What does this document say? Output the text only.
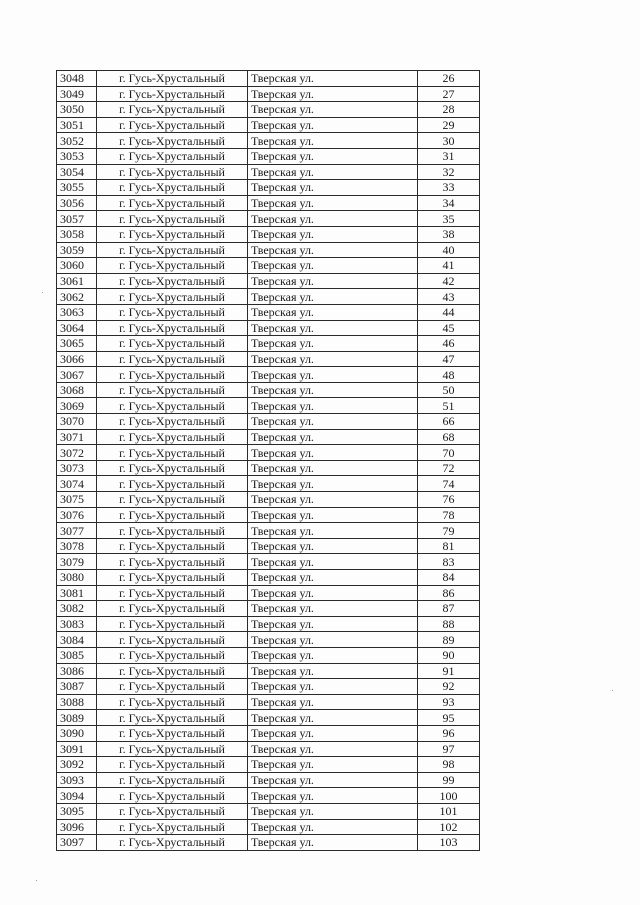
3048	г. Гусь-Хрустальный	Тверская ул.	26
3049	г. Гусь-Хрустальный	Тверская ул.	27
3050	г. Гусь-Хрустальный	Тверская ул.	28
3051	г. Гусь-Хрустальный	Тверская ул.	29
3052	г. Гусь-Хрустальный	Тверская ул.	30
3053	г. Гусь-Хрустальный	Тверская ул.	31
3054	г. Гусь-Хрустальный	Тверская ул.	32
3055	г. Гусь-Хрустальный	Тверская ул.	33
3056	г. Гусь-Хрустальный	Тверская ул.	34
3057	г. Гусь-Хрустальный	Тверская ул.	35
3058	г. Гусь-Хрустальный	Тверская ул.	38
3059	г. Гусь-Хрустальный	Тверская ул.	40
3060	г. Гусь-Хрустальный	Тверская ул.	41
3061	г. Гусь-Хрустальный	Тверская ул.	42
3062	г. Гусь-Хрустальный	Тверская ул.	43
3063	г. Гусь-Хрустальный	Тверская ул.	44
3064	г. Гусь-Хрустальный	Тверская ул.	45
3065	г. Гусь-Хрустальный	Тверская ул.	46
3066	г. Гусь-Хрустальный	Тверская ул.	47
3067	г. Гусь-Хрустальный	Тверская ул.	48
3068	г. Гусь-Хрустальный	Тверская ул.	50
3069	г. Гусь-Хрустальный	Тверская ул.	51
3070	г. Гусь-Хрустальный	Тверская ул.	66
3071	г. Гусь-Хрустальный	Тверская ул.	68
3072	г. Гусь-Хрустальный	Тверская ул.	70
3073	г. Гусь-Хрустальный	Тверская ул.	72
3074	г. Гусь-Хрустальный	Тверская ул.	74
3075	г. Гусь-Хрустальный	Тверская ул.	76
3076	г. Гусь-Хрустальный	Тверская ул.	78
3077	г. Гусь-Хрустальный	Тверская ул.	79
3078	г. Гусь-Хрустальный	Тверская ул.	81
3079	г. Гусь-Хрустальный	Тверская ул.	83
3080	г. Гусь-Хрустальный	Тверская ул.	84
3081	г. Гусь-Хрустальный	Тверская ул.	86
3082	г. Гусь-Хрустальный	Тверская ул.	87
3083	г. Гусь-Хрустальный	Тверская ул.	88
3084	г. Гусь-Хрустальный	Тверская ул.	89
3085	г. Гусь-Хрустальный	Тверская ул.	90
3086	г. Гусь-Хрустальный	Тверская ул.	91
3087	г. Гусь-Хрустальный	Тверская ул.	92
3088	г. Гусь-Хрустальный	Тверская ул.	93
3089	г. Гусь-Хрустальный	Тверская ул.	95
3090	г. Гусь-Хрустальный	Тверская ул.	96
3091	г. Гусь-Хрустальный	Тверская ул.	97
3092	г. Гусь-Хрустальный	Тверская ул.	98
3093	г. Гусь-Хрустальный	Тверская ул.	99
3094	г. Гусь-Хрустальный	Тверская ул.	100
3095	г. Гусь-Хрустальный	Тверская ул.	101
3096	г. Гусь-Хрустальный	Тверская ул.	102
3097	г. Гусь-Хрустальный	Тверская ул.	103
